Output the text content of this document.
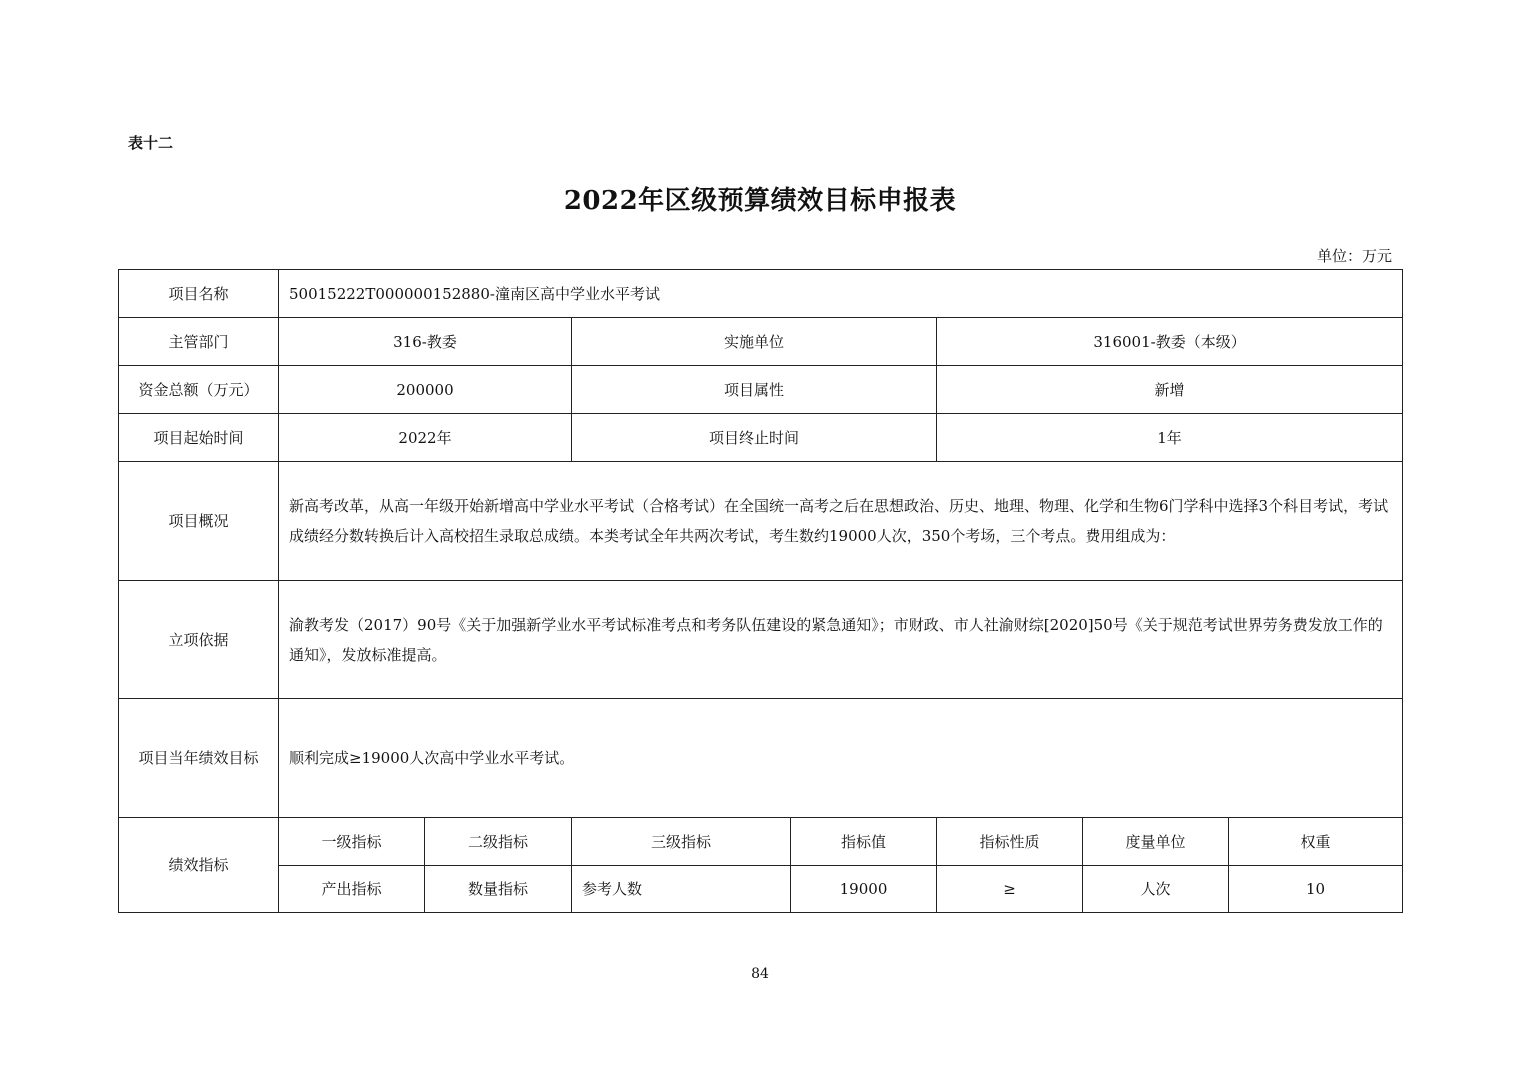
表十二
2022年区级预算绩效目标申报表
单位：万元
项目名称	50015222T000000152880-潼南区高中学业水平考试						
主管部门	316-教委		实施单位		316001-教委（本级）		
资金总额（万元）	200000		项目属性		新增		
项目起始时间	2022年		项目终止时间		1年		
项目概况	新高考改革，从高一年级开始新增高中学业水平考试（合格考试）在全国统一高考之后在思想政治、历史、地理、物理、化学和生物6门学科中选择3个科目考试，考试成绩经分数转换后计入高校招生录取总成绩。本类考试全年共两次考试，考生数约19000人次，350个考场，三个考点。费用组成为：						
立项依据	渝教考发（2017）90号《关于加强新学业水平考试标准考点和考务队伍建设的紧急通知》；市财政、市人社渝财综[2020]50号《关于规范考试世界劳务费发放工作的通知》，发放标准提高。						
项目当年绩效目标	顺利完成≥19000人次高中学业水平考试。						
绩效指标	一级指标	二级指标	三级指标	指标值	指标性质	度量单位	权重
	产出指标	数量指标	参考人数	19000	≥	人次	10
84
